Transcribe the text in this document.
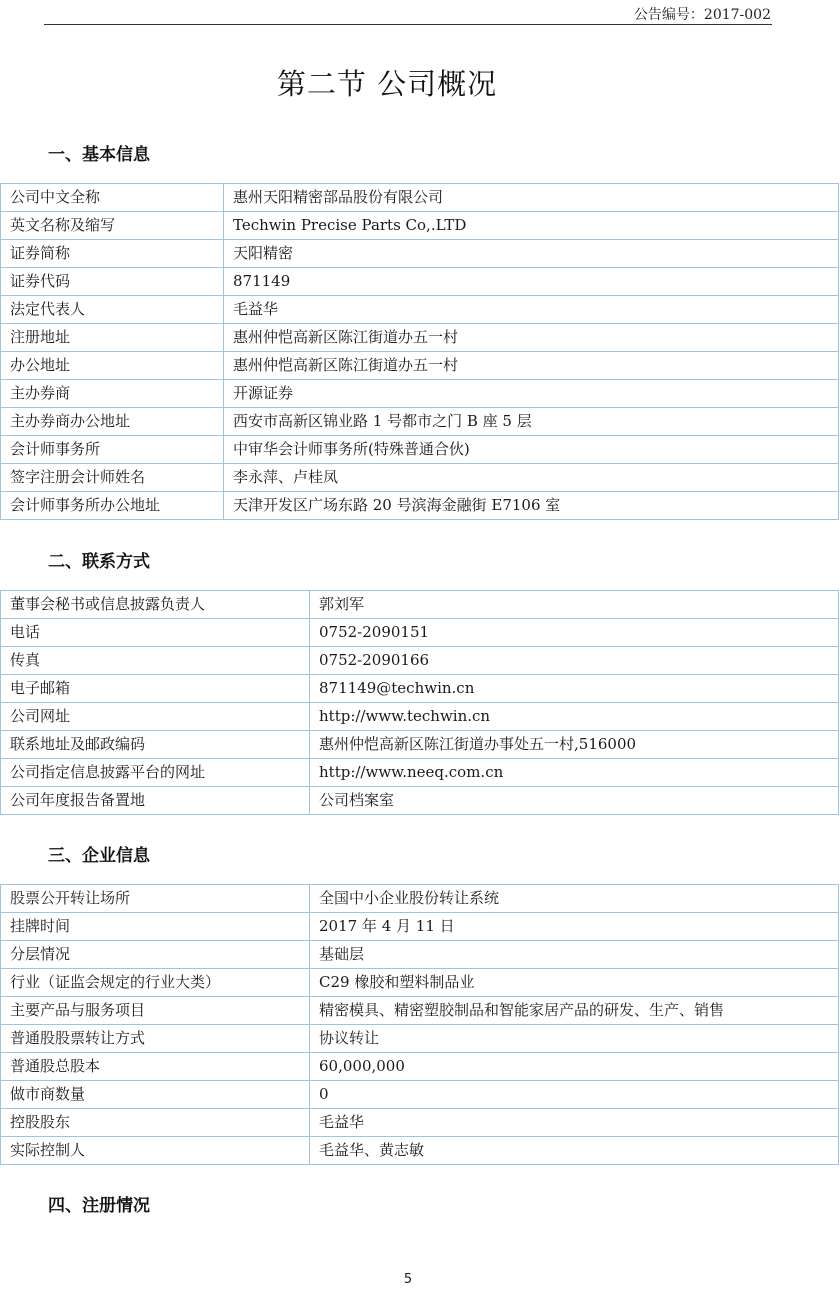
公告编号：2017-002
第二节 公司概况
一、基本信息
公司中文全称	惠州天阳精密部品股份有限公司
英文名称及缩写	Techwin Precise Parts Co,.LTD
证券简称	天阳精密
证券代码	871149
法定代表人	毛益华
注册地址	惠州仲恺高新区陈江街道办五一村
办公地址	惠州仲恺高新区陈江街道办五一村
主办券商	开源证券
主办券商办公地址	西安市高新区锦业路 1 号都市之门 B 座 5 层
会计师事务所	中审华会计师事务所(特殊普通合伙)
签字注册会计师姓名	李永萍、卢桂凤
会计师事务所办公地址	天津开发区广场东路 20 号滨海金融街 E7106 室
二、联系方式
董事会秘书或信息披露负责人	郭刘军
电话	0752-2090151
传真	0752-2090166
电子邮箱	871149@techwin.cn
公司网址	http://www.techwin.cn
联系地址及邮政编码	惠州仲恺高新区陈江街道办事处五一村,516000
公司指定信息披露平台的网址	http://www.neeq.com.cn
公司年度报告备置地	公司档案室
三、企业信息
股票公开转让场所	全国中小企业股份转让系统
挂牌时间	2017 年 4 月 11 日
分层情况	基础层
行业（证监会规定的行业大类）	C29 橡胶和塑料制品业
主要产品与服务项目	精密模具、精密塑胶制品和智能家居产品的研发、生产、销售
普通股股票转让方式	协议转让
普通股总股本	60,000,000
做市商数量	0
控股股东	毛益华
实际控制人	毛益华、黄志敏
四、注册情况
5
